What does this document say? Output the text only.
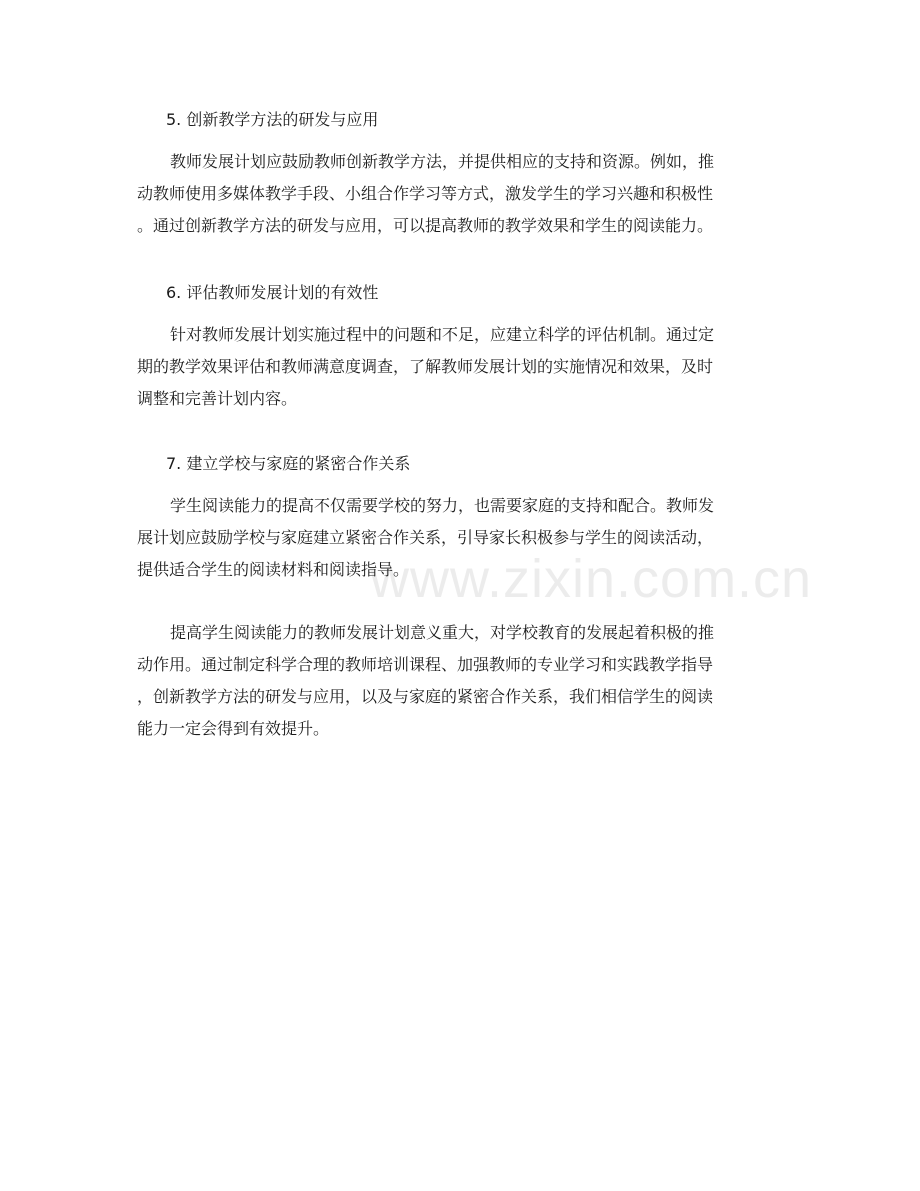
5. 创新教学方法的研发与应用
教师发展计划应鼓励教师创新教学方法，并提供相应的支持和资源。例如，推
动教师使用多媒体教学手段、小组合作学习等方式，激发学生的学习兴趣和积极性
。通过创新教学方法的研发与应用，可以提高教师的教学效果和学生的阅读能力。
6. 评估教师发展计划的有效性
针对教师发展计划实施过程中的问题和不足，应建立科学的评估机制。通过定
期的教学效果评估和教师满意度调查，了解教师发展计划的实施情况和效果，及时
调整和完善计划内容。
7. 建立学校与家庭的紧密合作关系
学生阅读能力的提高不仅需要学校的努力，也需要家庭的支持和配合。教师发
展计划应鼓励学校与家庭建立紧密合作关系，引导家长积极参与学生的阅读活动，
提供适合学生的阅读材料和阅读指导。
提高学生阅读能力的教师发展计划意义重大，对学校教育的发展起着积极的推
动作用。通过制定科学合理的教师培训课程、加强教师的专业学习和实践教学指导
，创新教学方法的研发与应用，以及与家庭的紧密合作关系，我们相信学生的阅读
能力一定会得到有效提升。
www.zixin.com.cn
